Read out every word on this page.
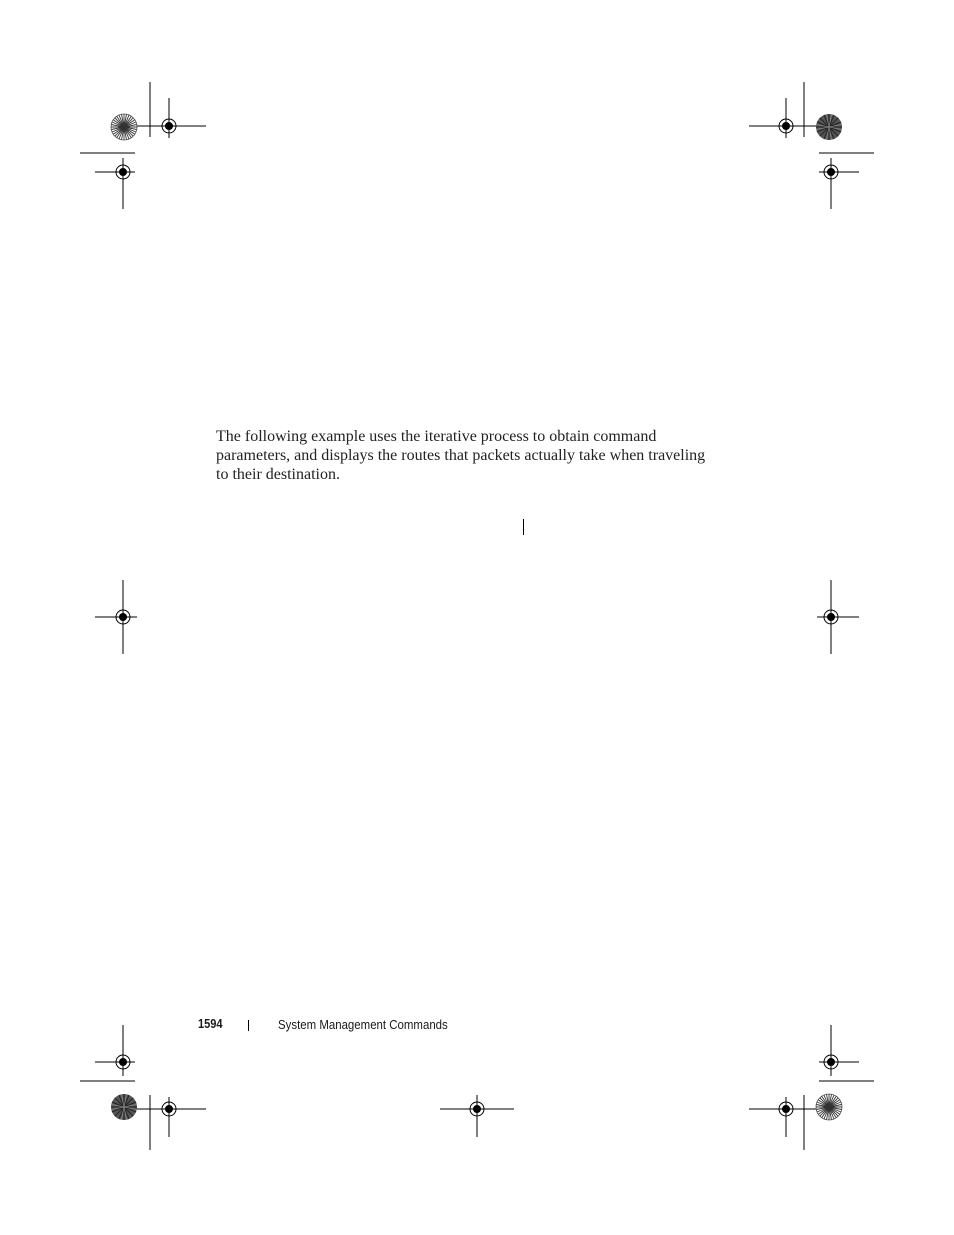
The following example uses the iterative process to obtain command parameters, and displays the routes that packets actually take when traveling to their destination.

1594	System Management Commands
